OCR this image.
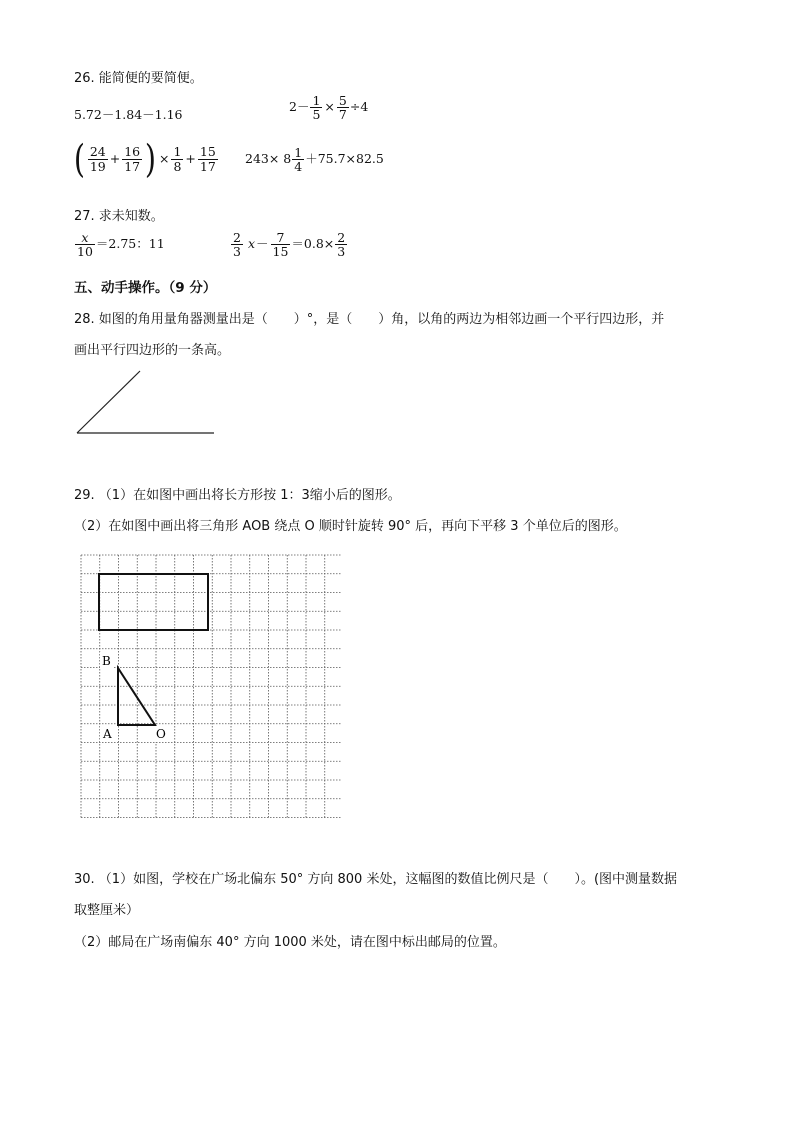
26. 能简便的要简便。
5.72－1.84－1.16
$2- \frac{1}{5} \times \frac{5}{7} \div 4$
( $\frac{24}{19} + \frac{16}{17}$ ) × $\frac{1}{8} + \frac{15}{17} 243\times 8 \frac{1}{4} +75.7\times 82.5$
27. 求未知数。
$\frac{x}{10} =2.75$：11	$\frac{2}{3} x- \frac{7}{15} =0.8\times \frac{2}{3}$
五、动手操作。（9 分）
28. 如图的角用量角器测量出是（　　）°，是（　　）角，以角的两边为相邻边画一个平行四边形，并
画出平行四边形的一条高。
29. （1）在如图中画出将长方形按 1：3缩小后的图形。
（2）在如图中画出将三角形 AOB 绕点 O 顺时针旋转 90° 后，再向下平移 3 个单位后的图形。
B
A	O
30. （1）如图，学校在广场北偏东 50° 方向 800 米处，这幅图的数值比例尺是（　　）。(图中测量数据
取整厘米）
（2）邮局在广场南偏东 40° 方向 1000 米处，请在图中标出邮局的位置。
